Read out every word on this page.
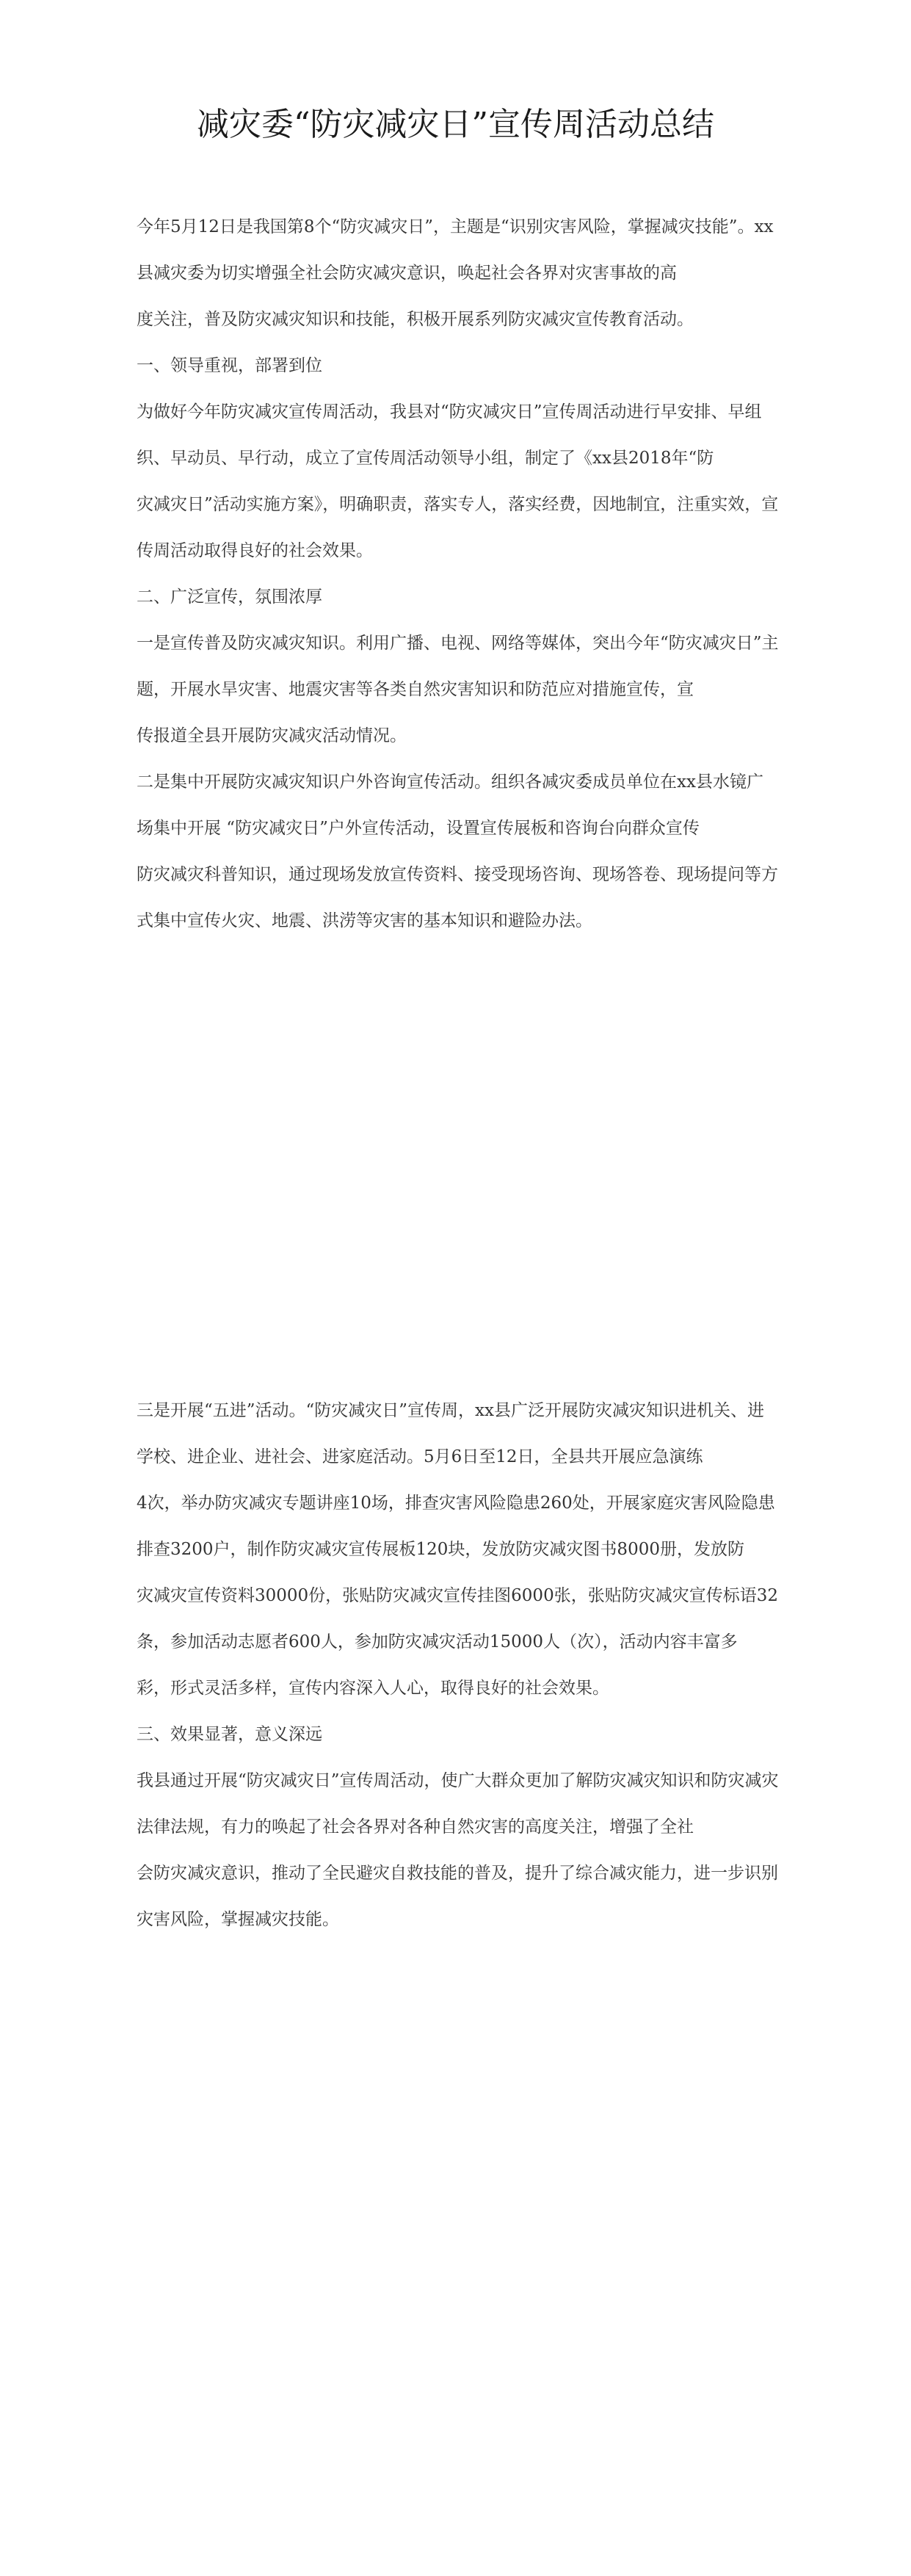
减灾委“防灾减灾日”宣传周活动总结

今年5月12日是我国第8个“防灾减灾日”，主题是“识别灾害风险，掌握减灾技能”。xx县减灾委为切实增强全社会防灾减灾意识，唤起社会各界对灾害事故的高

度关注，普及防灾减灾知识和技能，积极开展系列防灾减灾宣传教育活动。

一、领导重视，部署到位

为做好今年防灾减灾宣传周活动，我县对“防灾减灾日”宣传周活动进行早安排、早组织、早动员、早行动，成立了宣传周活动领导小组，制定了《xx县2018年“防

灾减灾日”活动实施方案》，明确职责，落实专人，落实经费，因地制宜，注重实效，宣传周活动取得良好的社会效果。

二、广泛宣传，氛围浓厚

一是宣传普及防灾减灾知识。利用广播、电视、网络等媒体，突出今年“防灾减灾日”主题，开展水旱灾害、地震灾害等各类自然灾害知识和防范应对措施宣传，宣

传报道全县开展防灾减灾活动情况。

二是集中开展防灾减灾知识户外咨询宣传活动。组织各减灾委成员单位在xx县水镜广场集中开展 “防灾减灾日”户外宣传活动，设置宣传展板和咨询台向群众宣传

防灾减灾科普知识，通过现场发放宣传资料、接受现场咨询、现场答卷、现场提问等方式集中宣传火灾、地震、洪涝等灾害的基本知识和避险办法。

三是开展“五进”活动。“防灾减灾日”宣传周，xx县广泛开展防灾减灾知识进机关、进学校、进企业、进社会、进家庭活动。5月6日至12日，全县共开展应急演练

4次，举办防灾减灾专题讲座10场，排查灾害风险隐患260处，开展家庭灾害风险隐患排查3200户，制作防灾减灾宣传展板120块，发放防灾减灾图书8000册，发放防

灾减灾宣传资料30000份，张贴防灾减灾宣传挂图6000张，张贴防灾减灾宣传标语32条，参加活动志愿者600人，参加防灾减灾活动15000人（次），活动内容丰富多

彩，形式灵活多样，宣传内容深入人心，取得良好的社会效果。

三、效果显著，意义深远

我县通过开展“防灾减灾日”宣传周活动，使广大群众更加了解防灾减灾知识和防灾减灾法律法规，有力的唤起了社会各界对各种自然灾害的高度关注，增强了全社

会防灾减灾意识，推动了全民避灾自救技能的普及，提升了综合减灾能力，进一步识别灾害风险，掌握减灾技能。
